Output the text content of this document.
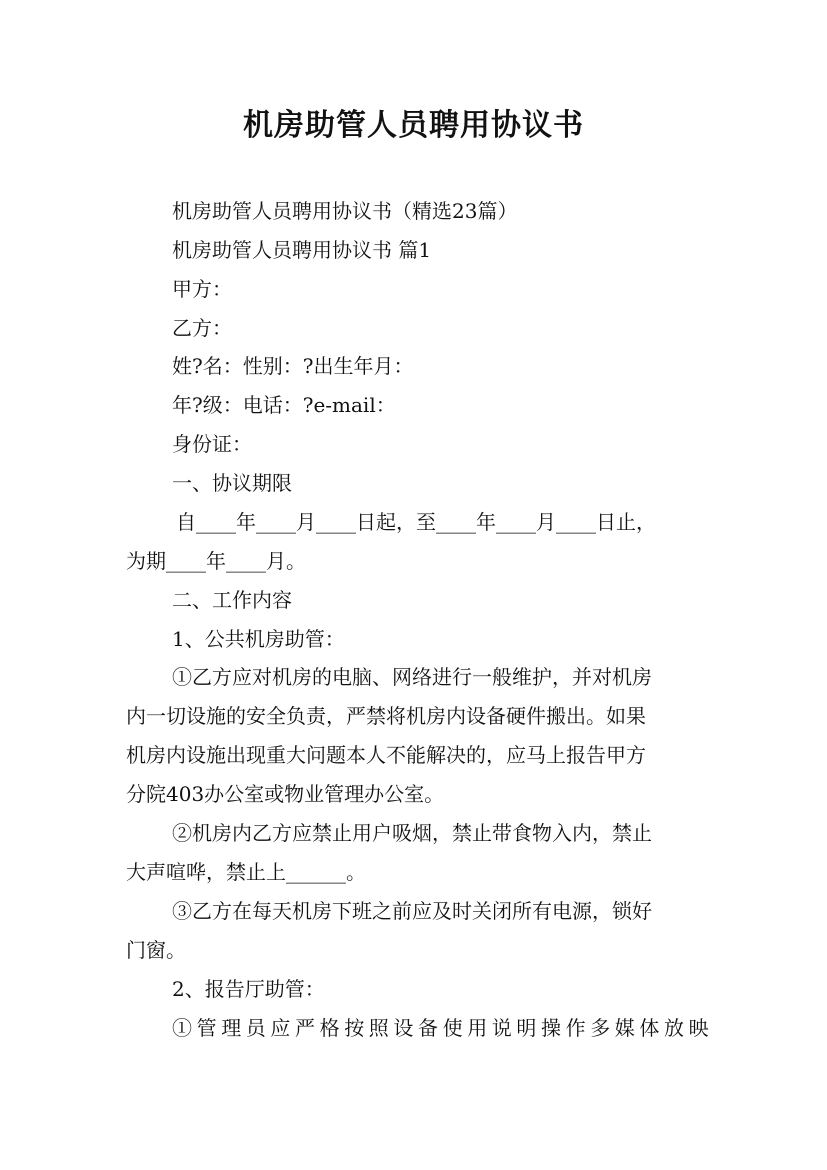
机房助管人员聘用协议书
机房助管人员聘用协议书（精选23篇）
机房助管人员聘用协议书 篇1
甲方：
乙方：
姓?名：性别：?出生年月：
年?级：电话：?e-mail：
身份证：
一、协议期限
自____年____月____日起，至____年____月____日止，
为期____年____月。
二、工作内容
1、公共机房助管：
①乙方应对机房的电脑、网络进行一般维护，并对机房
内一切设施的安全负责，严禁将机房内设备硬件搬出。如果
机房内设施出现重大问题本人不能解决的，应马上报告甲方
分院403办公室或物业管理办公室。
②机房内乙方应禁止用户吸烟，禁止带食物入内，禁止
大声喧哗，禁止上______。
③乙方在每天机房下班之前应及时关闭所有电源，锁好
门窗。
2、报告厅助管：
①管理员应严格按照设备使用说明操作多媒体放映
